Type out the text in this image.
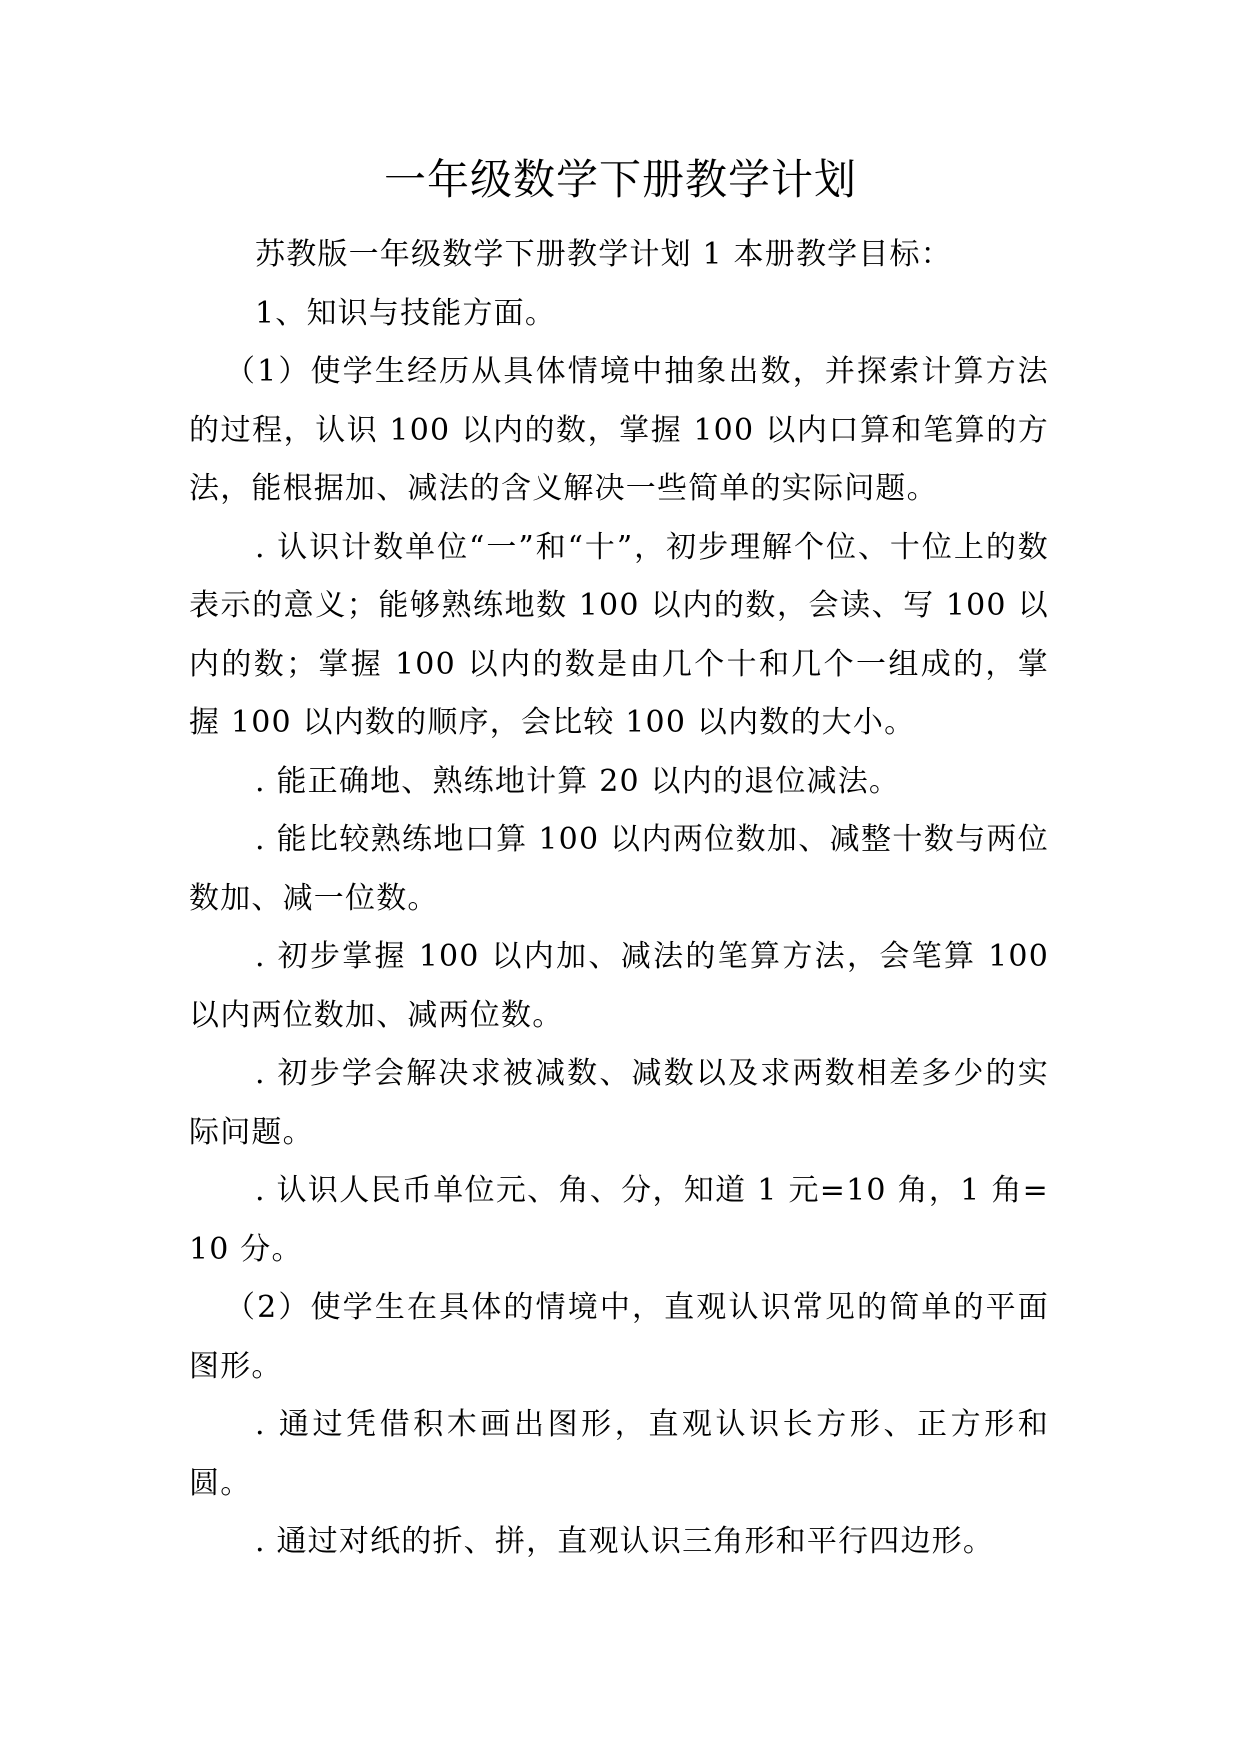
一年级数学下册教学计划

苏教版一年级数学下册教学计划 1 本册教学目标：

1、知识与技能方面。

（1）使学生经历从具体情境中抽象出数，并探索计算方法的过程，认识 100 以内的数，掌握 100 以内口算和笔算的方法，能根据加、减法的含义解决一些简单的实际问题。

. 认识计数单位“一”和“十”，初步理解个位、十位上的数表示的意义；能够熟练地数 100 以内的数，会读、写 100 以内的数；掌握 100 以内的数是由几个十和几个一组成的，掌握 100 以内数的顺序，会比较 100 以内数的大小。

. 能正确地、熟练地计算 20 以内的退位减法。

. 能比较熟练地口算 100 以内两位数加、减整十数与两位数加、减一位数。

. 初步掌握 100 以内加、减法的笔算方法，会笔算 100 以内两位数加、减两位数。

. 初步学会解决求被减数、减数以及求两数相差多少的实际问题。

. 认识人民币单位元、角、分，知道 1 元=10 角，1 角=10 分。

（2）使学生在具体的情境中，直观认识常见的简单的平面图形。

. 通过凭借积木画出图形，直观认识长方形、正方形和圆。

. 通过对纸的折、拼，直观认识三角形和平行四边形。
